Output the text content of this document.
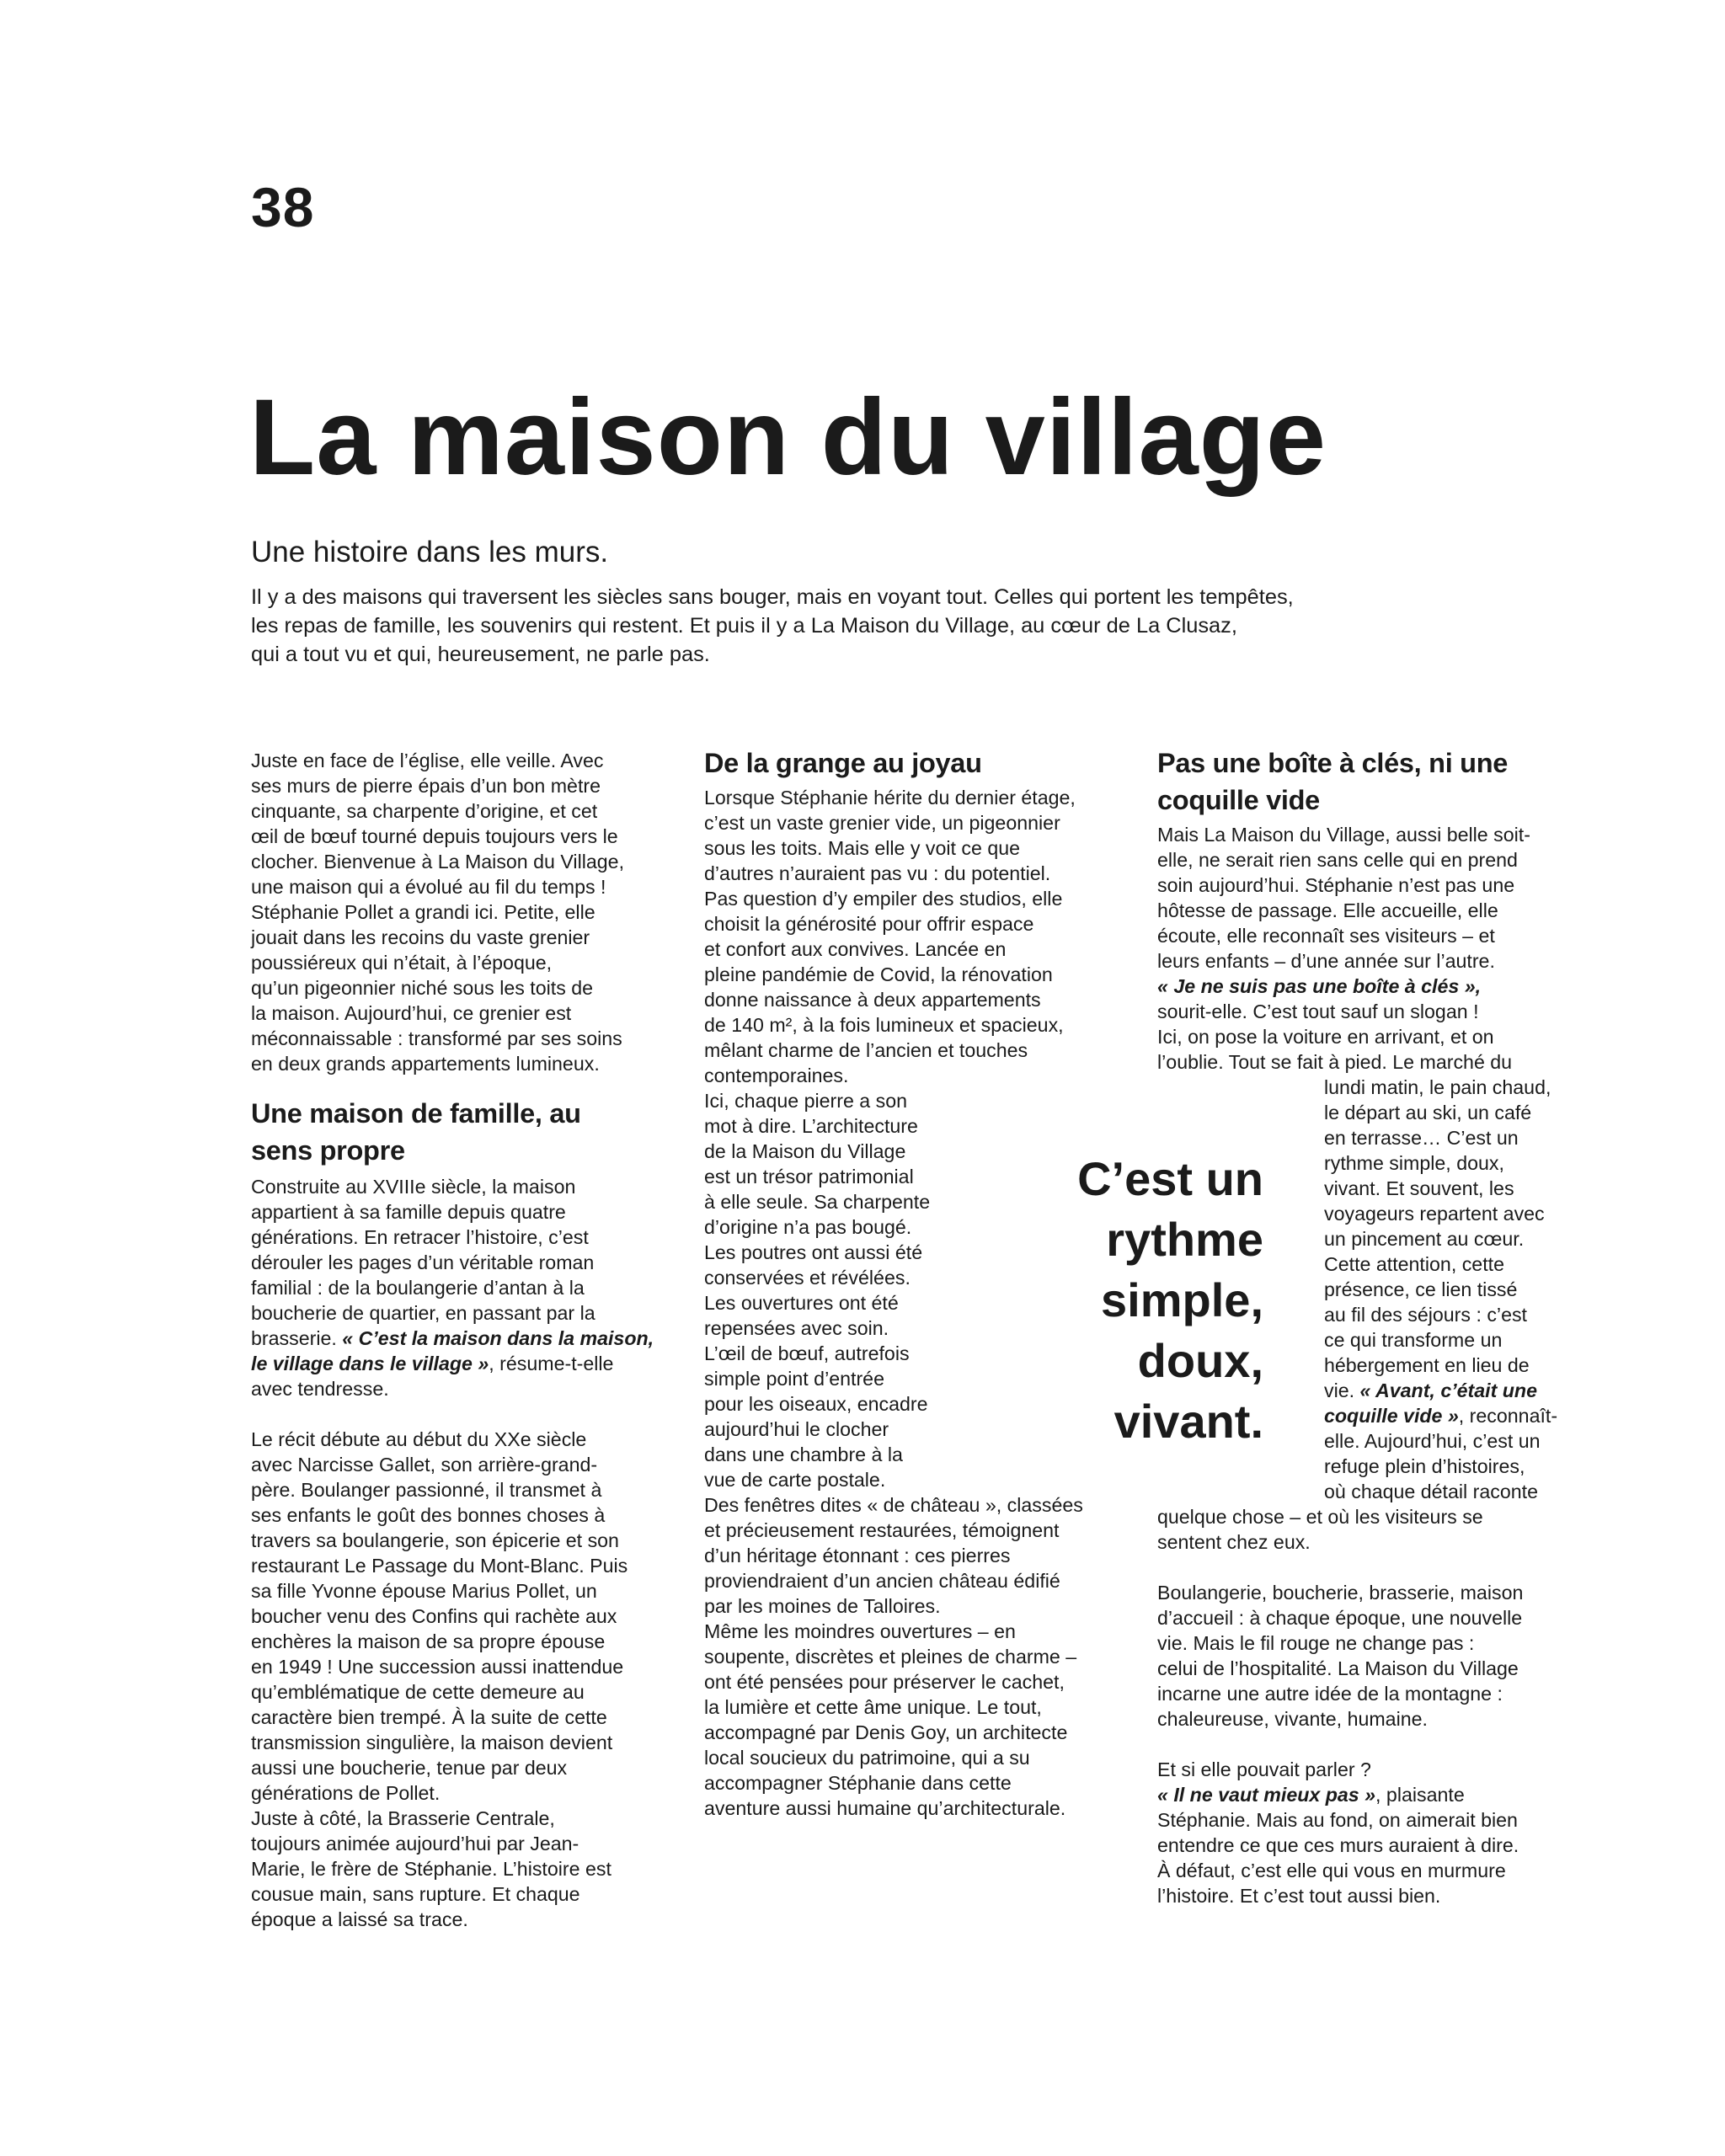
38
La maison du village
Une histoire dans les murs.

Il y a des maisons qui traversent les siècles sans bouger, mais en voyant tout. Celles qui portent les tempêtes,

les repas de famille, les souvenirs qui restent. Et puis il y a La Maison du Village, au cœur de La Clusaz,

qui a tout vu et qui, heureusement, ne parle pas.

Juste en face de l’église, elle veille. Avec

ses murs de pierre épais d’un bon mètre

cinquante, sa charpente d’origine, et cet

œil de bœuf tourné depuis toujours vers le

clocher. Bienvenue à La Maison du Village,

une maison qui a évolué au fil du temps !

Stéphanie Pollet a grandi ici. Petite, elle

jouait dans les recoins du vaste grenier

poussiéreux qui n’était, à l’époque,

qu’un pigeonnier niché sous les toits de

la maison. Aujourd’hui, ce grenier est

méconnaissable : transformé par ses soins

en deux grands appartements lumineux.

Une maison de famille, au
sens propre

Construite au XVIIIe siècle, la maison

appartient à sa famille depuis quatre

générations. En retracer l’histoire, c’est

dérouler les pages d’un véritable roman

familial : de la boulangerie d’antan à la

boucherie de quartier, en passant par la

brasserie. « C’est la maison dans la maison,

le village dans le village », résume-t-elle

avec tendresse.

Le récit débute au début du XXe siècle

avec Narcisse Gallet, son arrière-grand-

père. Boulanger passionné, il transmet à

ses enfants le goût des bonnes choses à

travers sa boulangerie, son épicerie et son

restaurant Le Passage du Mont-Blanc. Puis

sa fille Yvonne épouse Marius Pollet, un

boucher venu des Confins qui rachète aux

enchères la maison de sa propre épouse

en 1949 ! Une succession aussi inattendue

qu’emblématique de cette demeure au

caractère bien trempé. À la suite de cette

transmission singulière, la maison devient

aussi une boucherie, tenue par deux

générations de Pollet.

Juste à côté, la Brasserie Centrale,

toujours animée aujourd’hui par Jean-

Marie, le frère de Stéphanie. L’histoire est

cousue main, sans rupture. Et chaque

époque a laissé sa trace.

De la grange au joyau

Lorsque Stéphanie hérite du dernier étage,

c’est un vaste grenier vide, un pigeonnier

sous les toits. Mais elle y voit ce que

d’autres n’auraient pas vu : du potentiel.

Pas question d’y empiler des studios, elle

choisit la générosité pour offrir espace

et confort aux convives. Lancée en

pleine pandémie de Covid, la rénovation

donne naissance à deux appartements

de 140 m², à la fois lumineux et spacieux,

mêlant charme de l’ancien et touches

contemporaines.

Ici, chaque pierre a son

mot à dire. L’architecture

de la Maison du Village

est un trésor patrimonial

à elle seule. Sa charpente

d’origine n’a pas bougé.

Les poutres ont aussi été

conservées et révélées.

Les ouvertures ont été

repensées avec soin.

L’œil de bœuf, autrefois

simple point d’entrée

pour les oiseaux, encadre

aujourd’hui le clocher

dans une chambre à la

vue de carte postale.

Des fenêtres dites « de château », classées

et précieusement restaurées, témoignent

d’un héritage étonnant : ces pierres

proviendraient d’un ancien château édifié

par les moines de Talloires.

Même les moindres ouvertures – en

soupente, discrètes et pleines de charme –

ont été pensées pour préserver le cachet,

la lumière et cette âme unique. Le tout,

accompagné par Denis Goy, un architecte

local soucieux du patrimoine, qui a su

accompagner Stéphanie dans cette

aventure aussi humaine qu’architecturale.

C’est un
rythme
simple,
doux,
vivant.
Pas une boîte à clés, ni une
coquille vide

Mais La Maison du Village, aussi belle soit-

elle, ne serait rien sans celle qui en prend

soin aujourd’hui. Stéphanie n’est pas une

hôtesse de passage. Elle accueille, elle

écoute, elle reconnaît ses visiteurs – et

leurs enfants – d’une année sur l’autre.

« Je ne suis pas une boîte à clés »,

sourit-elle. C’est tout sauf un slogan !

Ici, on pose la voiture en arrivant, et on

l’oublie. Tout se fait à pied. Le marché du

lundi matin, le pain chaud,

le départ au ski, un café

en terrasse… C’est un

rythme simple, doux,

vivant. Et souvent, les

voyageurs repartent avec

un pincement au cœur.

Cette attention, cette

présence, ce lien tissé

au fil des séjours : c’est

ce qui transforme un

hébergement en lieu de

vie. « Avant, c’était une

coquille vide », reconnaît-

elle. Aujourd’hui, c’est un

refuge plein d’histoires,

où chaque détail raconte

quelque chose – et où les visiteurs se

sentent chez eux.

Boulangerie, boucherie, brasserie, maison

d’accueil : à chaque époque, une nouvelle

vie. Mais le fil rouge ne change pas :

celui de l’hospitalité. La Maison du Village

incarne une autre idée de la montagne :

chaleureuse, vivante, humaine.

Et si elle pouvait parler ?

« Il ne vaut mieux pas », plaisante

Stéphanie. Mais au fond, on aimerait bien

entendre ce que ces murs auraient à dire.

À défaut, c’est elle qui vous en murmure

l’histoire. Et c’est tout aussi bien.
